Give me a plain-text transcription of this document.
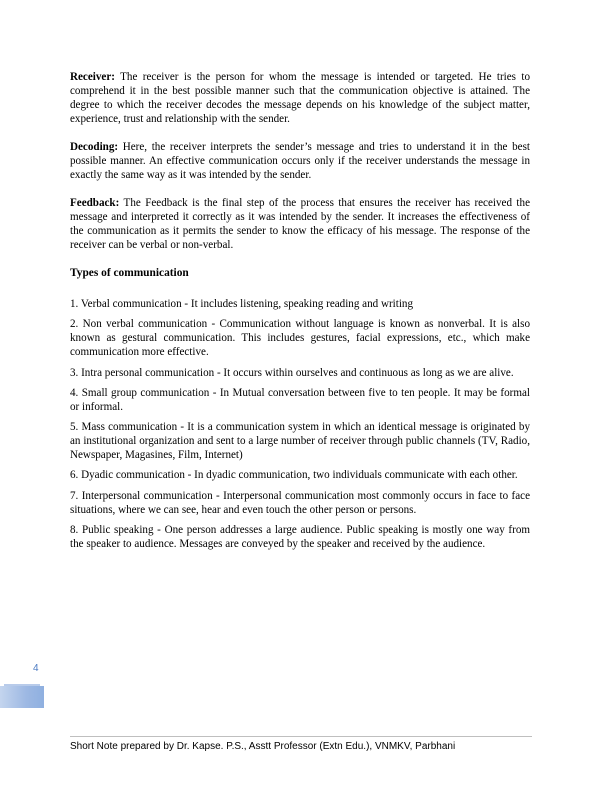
Receiver: The receiver is the person for whom the message is intended or targeted. He tries to comprehend it in the best possible manner such that the communication objective is attained. The degree to which the receiver decodes the message depends on his knowledge of the subject matter, experience, trust and relationship with the sender.

Decoding: Here, the receiver interprets the sender’s message and tries to understand it in the best possible manner. An effective communication occurs only if the receiver understands the message in exactly the same way as it was intended by the sender.

Feedback: The Feedback is the final step of the process that ensures the receiver has received the message and interpreted it correctly as it was intended by the sender. It increases the effectiveness of the communication as it permits the sender to know the efficacy of his message. The response of the receiver can be verbal or non-verbal.

Types of communication

1. Verbal communication - It includes listening, speaking reading and writing

2. Non verbal communication - Communication without language is known as nonverbal. It is also known as gestural communication. This includes gestures, facial expressions, etc., which make communication more effective.

3. Intra personal communication - It occurs within ourselves and continuous as long as we are alive.

4. Small group communication - In Mutual conversation between five to ten people. It may be formal or informal.

5. Mass communication - It is a communication system in which an identical message is originated by an institutional organization and sent to a large number of receiver through public channels (TV, Radio, Newspaper, Magasines, Film, Internet)

6. Dyadic communication - In dyadic communication, two individuals communicate with each other.

7. Interpersonal communication - Interpersonal communication most commonly occurs in face to face situations, where we can see, hear and even touch the other person or persons.

8. Public speaking - One person addresses a large audience. Public speaking is mostly one way from the speaker to audience. Messages are conveyed by the speaker and received by the audience.

4
Short Note prepared by Dr. Kapse. P.S., Asstt Professor (Extn Edu.), VNMKV, Parbhani
